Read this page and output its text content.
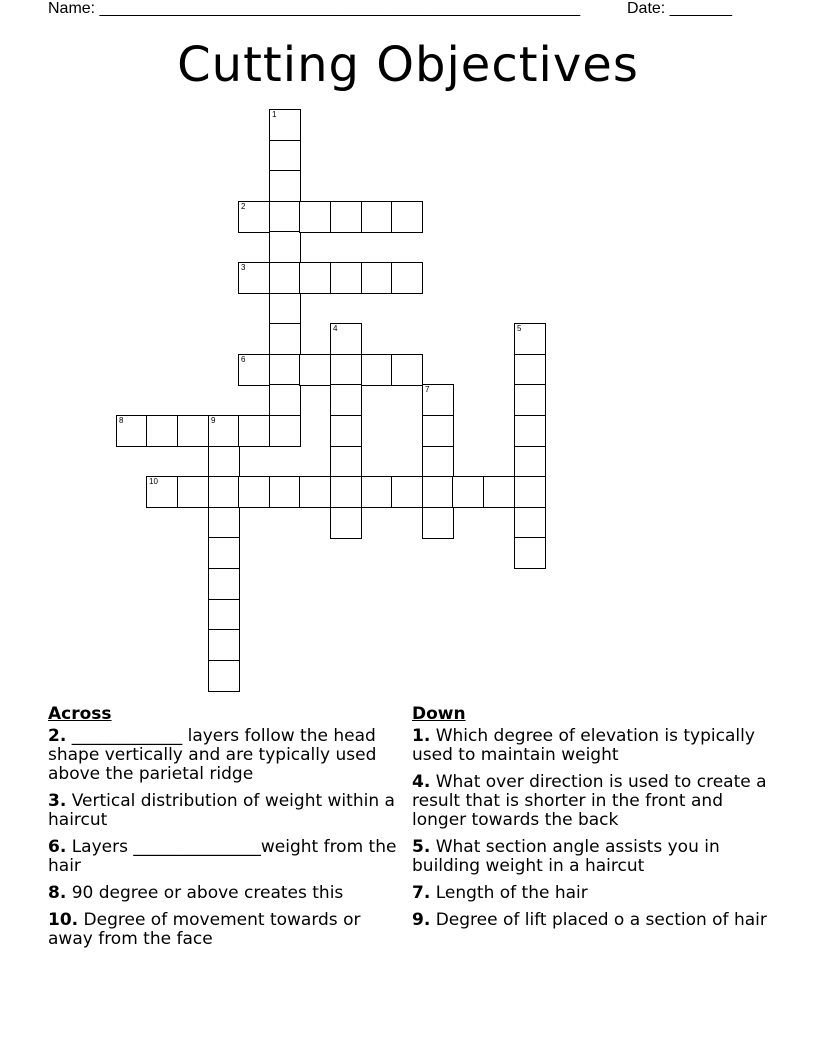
Name: ______________________________________________________	Date: _______
Cutting Objectives
1
2
3
4	5
6
7
8	9
10
Across
2. _____________ layers follow the head shape vertically and are typically used above the parietal ridge
3. Vertical distribution of weight within a haircut
6. Layers _______________weight from the hair
8. 90 degree or above creates this
10. Degree of movement towards or away from the face
Down
1. Which degree of elevation is typically used to maintain weight
4. What over direction is used to create a result that is shorter in the front and longer towards the back
5. What section angle assists you in building weight in a haircut
7. Length of the hair
9. Degree of lift placed o a section of hair
